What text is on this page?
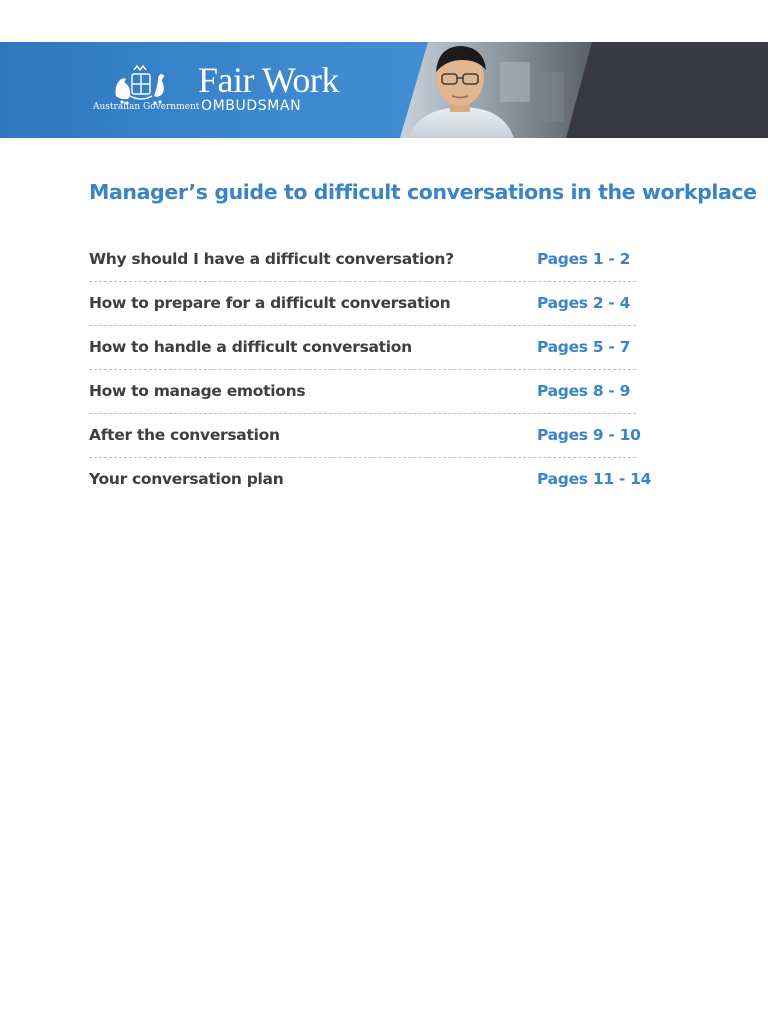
Australian Government
Fair Work
OMBUDSMAN
Manager’s guide to difficult conversations in the workplace
Why should I have a difficult conversation?	Pages 1 - 2
How to prepare for a difficult conversation	Pages 2 - 4
How to handle a difficult conversation	Pages 5 - 7
How to manage emotions	Pages 8 - 9
After the conversation	Pages 9 - 10
Your conversation plan	Pages 11 - 14
